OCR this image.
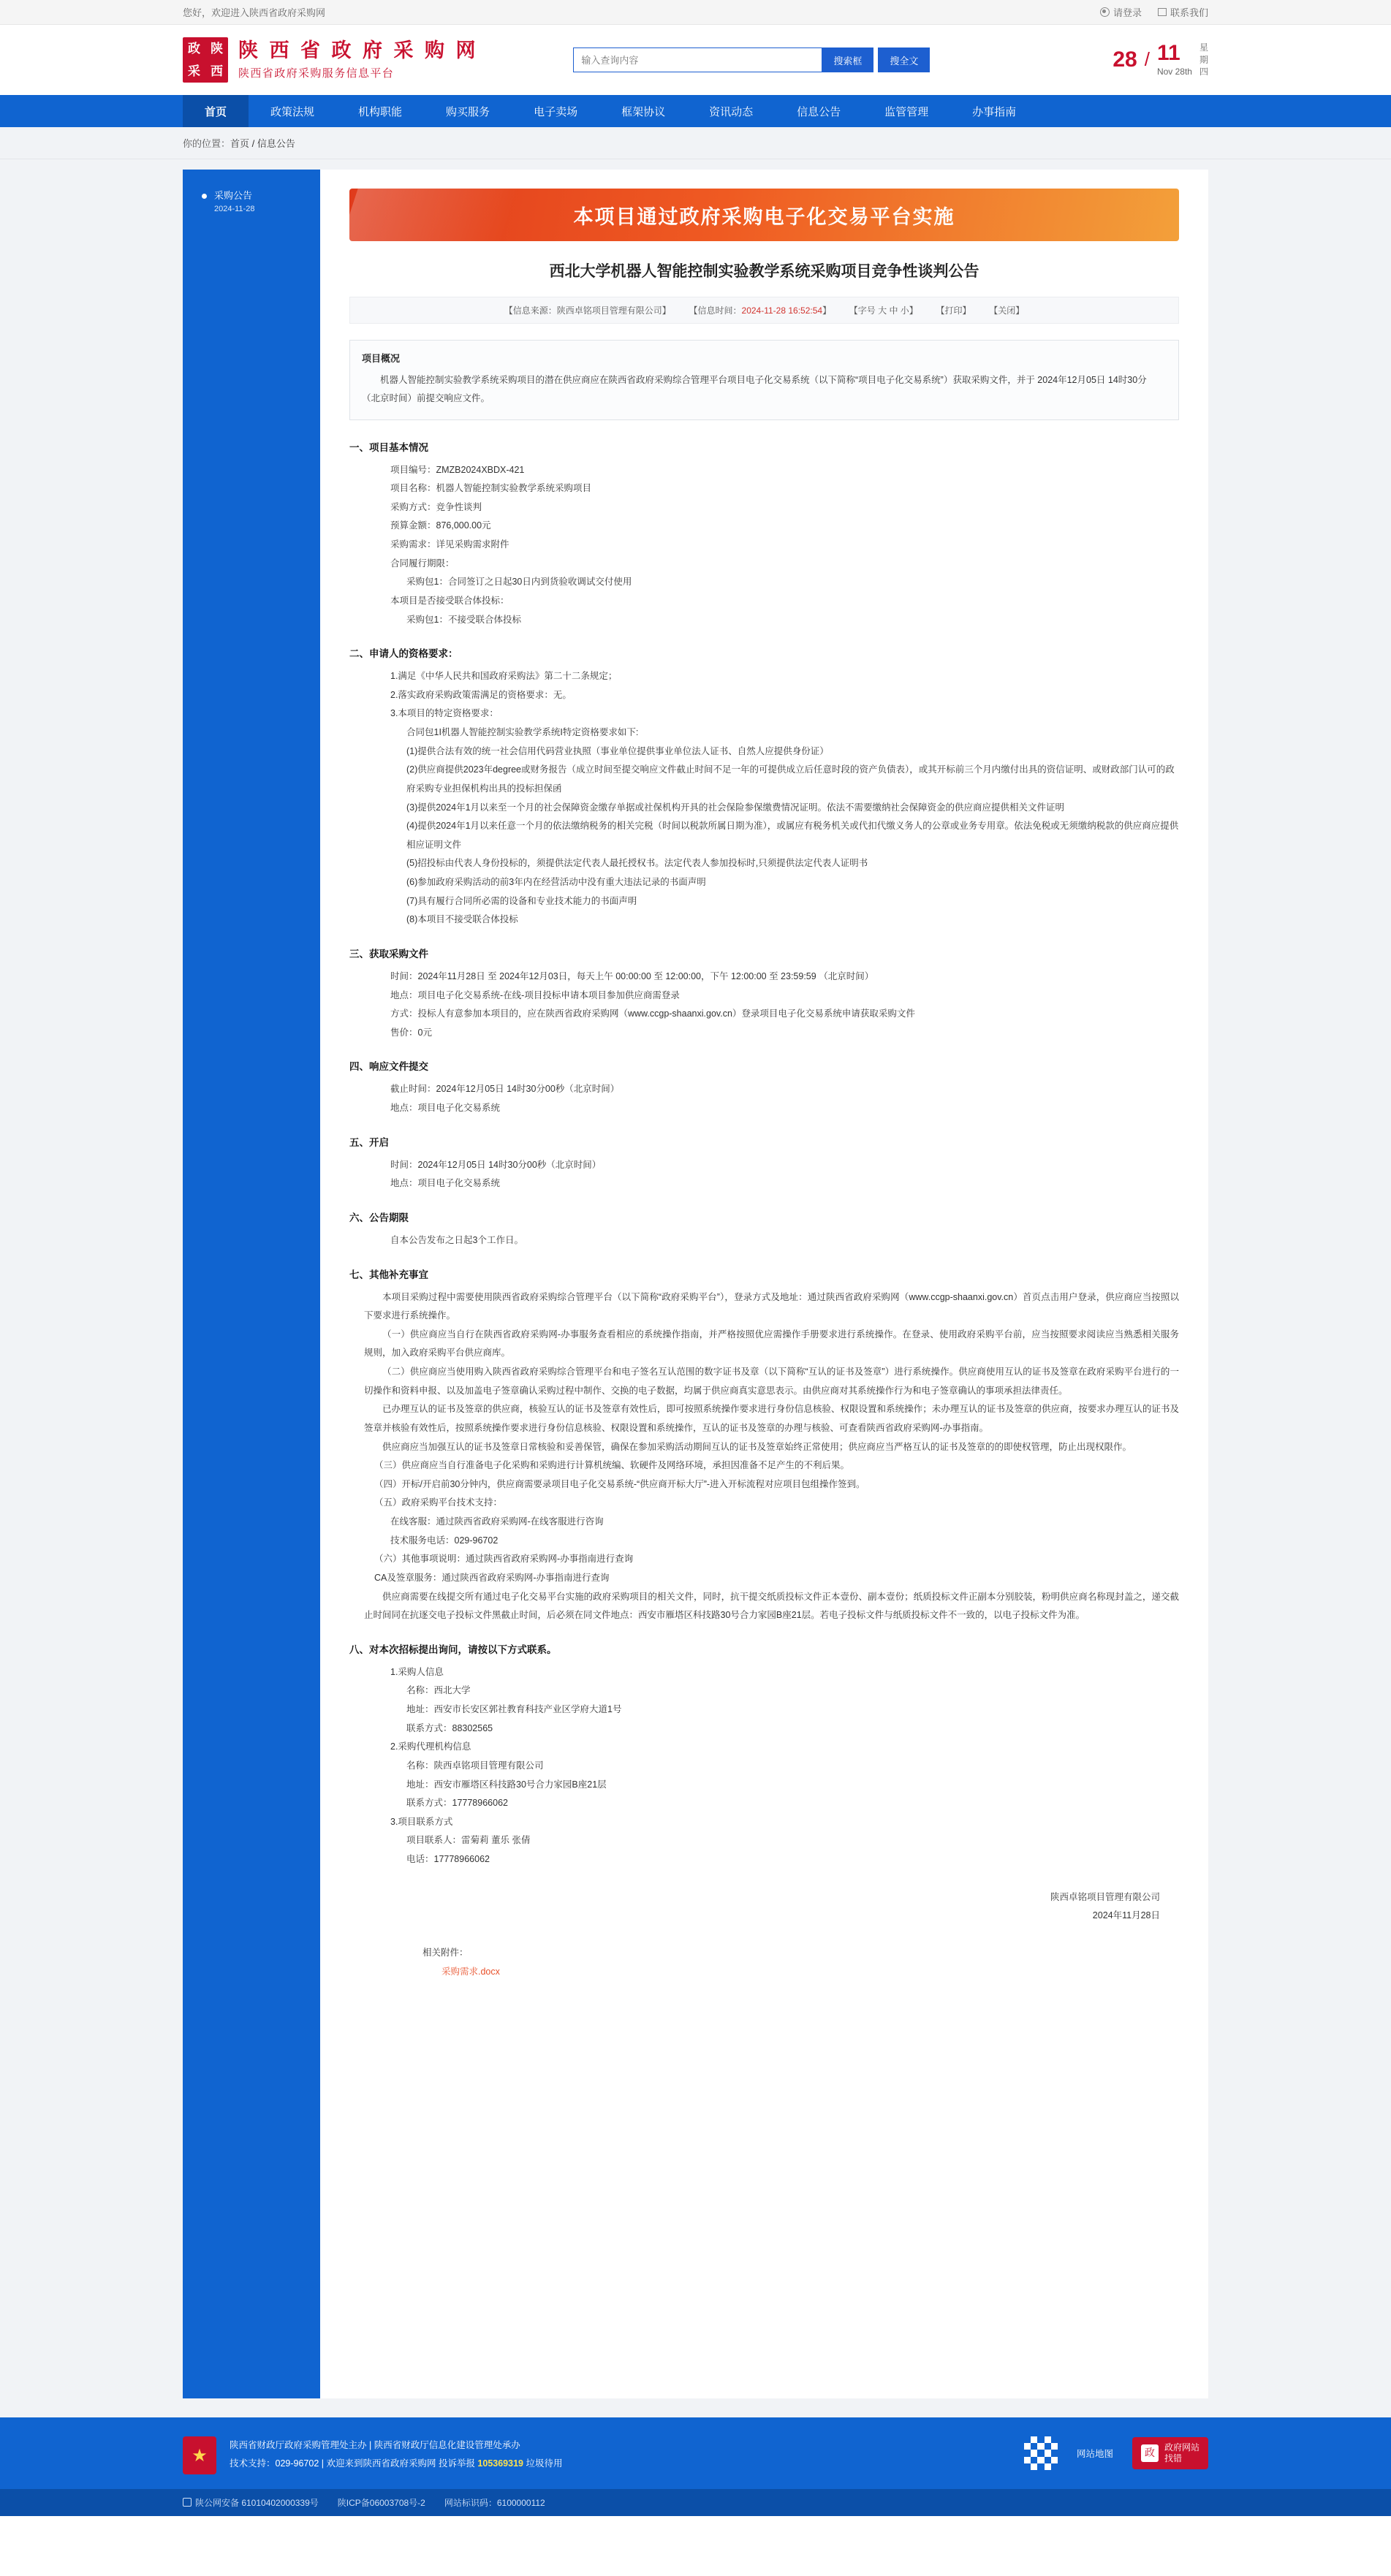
您好，欢迎进入陕西省政府采购网	请登录	联系我们
政 陕
采 西
陕 西 省 政 府 采 购 网
陕西省政府采购服务信息平台
输入查询内容
搜索框	搜全文	28 / 11
Nov 28th
星
期
四
首页	政策法规	机构职能	购买服务	电子卖场	框架协议	资讯动态	信息公告	监管管理	办事指南
你的位置：首页 / 信息公告
采购公告
2024-11-28	本项目通过政府采购电子化交易平台实施
西北大学机器人智能控制实验教学系统采购项目竞争性谈判公告
【信息来源：陕西卓铭项目管理有限公司】 【信息时间：2024-11-28 16:52:54】 【字号 大 中 小】 【打印】 【关闭】
项目概况

机器人智能控制实验教学系统采购项目的潜在供应商应在陕西省政府采购综合管理平台项目电子化交易系统（以下简称“项目电子化交易系统”）获取采购文件，并于 2024年12月05日 14时30分 （北京时间）前提交响应文件。

一、项目基本情况

项目编号：ZMZB2024XBDX-421

项目名称：机器人智能控制实验教学系统采购项目

采购方式：竞争性谈判

预算金额：876,000.00元

采购需求：详见采购需求附件

合同履行期限：

采购包1：合同签订之日起30日内到货验收调试交付使用

本项目是否接受联合体投标：

采购包1：不接受联合体投标

二、申请人的资格要求：

1.满足《中华人民共和国政府采购法》第二十二条规定；

2.落实政府采购政策需满足的资格要求：无。

3.本项目的特定资格要求：

合同包1I机器人智能控制实验教学系统I特定资格要求如下:

(1)提供合法有效的统一社会信用代码营业执照（事业单位提供事业单位法人证书、自然人应提供身份证）

(2)供应商提供2023年degree或财务报告（成立时间至提交响应文件截止时间不足一年的可提供成立后任意时段的资产负债表），或其开标前三个月内缴付出具的资信证明、或财政部门认可的政府采购专业担保机构出具的投标担保函

(3)提供2024年1月以来至一个月的社会保障资金缴存单据或社保机构开具的社会保险参保缴费情况证明。依法不需要缴纳社会保障资金的供应商应提供相关文件证明

(4)提供2024年1月以来任意一个月的依法缴纳税务的相关完税（时间以税款所属日期为准），或属应有税务机关或代扣代缴义务人的公章或业务专用章。依法免税或无须缴纳税款的供应商应提供相应证明文件

(5)招投标由代表人身份投标的，须提供法定代表人最托授权书。法定代表人参加投标时,只须提供法定代表人证明书

(6)参加政府采购活动的前3年内在经营活动中没有重大违法记录的书面声明

(7)具有履行合同所必需的设备和专业技术能力的书面声明

(8)本项目不接受联合体投标

三、获取采购文件

时间：2024年11月28日 至 2024年12月03日，每天上午 00:00:00 至 12:00:00，下午 12:00:00 至 23:59:59 （北京时间）

地点：项目电子化交易系统-在线-项目投标申请本项目参加供应商需登录

方式：投标人有意参加本项目的，应在陕西省政府采购网（www.ccgp-shaanxi.gov.cn）登录项目电子化交易系统申请获取采购文件

售价：0元

四、响应文件提交

截止时间：2024年12月05日 14时30分00秒（北京时间）

地点：项目电子化交易系统

五、开启

时间：2024年12月05日 14时30分00秒（北京时间）

地点：项目电子化交易系统

六、公告期限

自本公告发布之日起3个工作日。

七、其他补充事宜

本项目采购过程中需要使用陕西省政府采购综合管理平台（以下简称“政府采购平台”），登录方式及地址：通过陕西省政府采购网（www.ccgp-shaanxi.gov.cn）首页点击用户登录，供应商应当按照以下要求进行系统操作。

（一）供应商应当自行在陕西省政府采购网-办事服务查看相应的系统操作指南，并严格按照优应需操作手册要求进行系统操作。在登录、使用政府采购平台前，应当按照要求阅读应当熟悉相关服务规则，加入政府采购平台供应商库。

（二）供应商应当使用购入陕西省政府采购综合管理平台和电子签名互认范围的数字证书及章（以下简称“互认的证书及签章”）进行系统操作。供应商使用互认的证书及签章在政府采购平台进行的一切操作和资料申报、以及加盖电子签章确认采购过程中制作、交换的电子数据，均属于供应商真实意思表示。由供应商对其系统操作行为和电子签章确认的事项承担法律责任。

已办理互认的证书及签章的供应商，核验互认的证书及签章有效性后，即可按照系统操作要求进行身份信息核验、权限设置和系统操作；未办理互认的证书及签章的供应商，按要求办理互认的证书及签章并核验有效性后，按照系统操作要求进行身份信息核验、权限设置和系统操作，互认的证书及签章的办理与核验、可查看陕西省政府采购网-办事指南。

供应商应当加强互认的证书及签章日常核验和妥善保管，确保在参加采购活动期间互认的证书及签章始终正常使用；供应商应当严格互认的证书及签章的的即使权管理，防止出现权限作。

（三）供应商应当自行准备电子化采购和采购进行计算机统编、软硬件及网络环境，承担因准备不足产生的不利后果。

（四）开标/开启前30分钟内，供应商需要录项目电子化交易系统-“供应商开标大厅”-进入开标流程对应项目包组操作签到。

（五）政府采购平台技术支持：

在线客服：通过陕西省政府采购网-在线客服进行咨询

技术服务电话：029-96702

（六）其他事项说明：通过陕西省政府采购网-办事指南进行查询

CA及签章服务：通过陕西省政府采购网-办事指南进行查询

供应商需要在线提交所有通过电子化交易平台实施的政府采购项目的相关文件，同时，抗干提交纸质投标文件正本壹份、副本壹份；纸质投标文件正副本分别胶装，粉明供应商名称现封盖之，递交截止时间同在抗逐交电子投标文件黑截止时间，后必须在同文件地点：西安市雁塔区科技路30号合力家园B座21层。若电子投标文件与纸质投标文件不一致的，以电子投标文件为准。

八、对本次招标提出询问，请按以下方式联系。

1.采购人信息

名称：西北大学

地址：西安市长安区郭社教育科技产业区学府大道1号

联系方式：88302565

2.采购代理机构信息

名称：陕西卓铭项目管理有限公司

地址：西安市雁塔区科技路30号合力家园B座21层

联系方式：17778966062

3.项目联系方式

项目联系人：雷菊莉 董乐 张倩

电话：17778966062

陕西卓铭项目管理有限公司
2024年11月28日
相关附件：
采购需求.docx
★
陕西省财政厅政府采购管理处主办 | 陕西省财政厅信息化建设管理处承办
技术支持：029-96702 | 欢迎来到陕西省政府采购网 投诉举报 105369319 垃圾待用
网站地图	政	政府网站
找错
陕公网安备 61010402000339号 陕ICP备06003708号-2 网站标识码：6100000112
